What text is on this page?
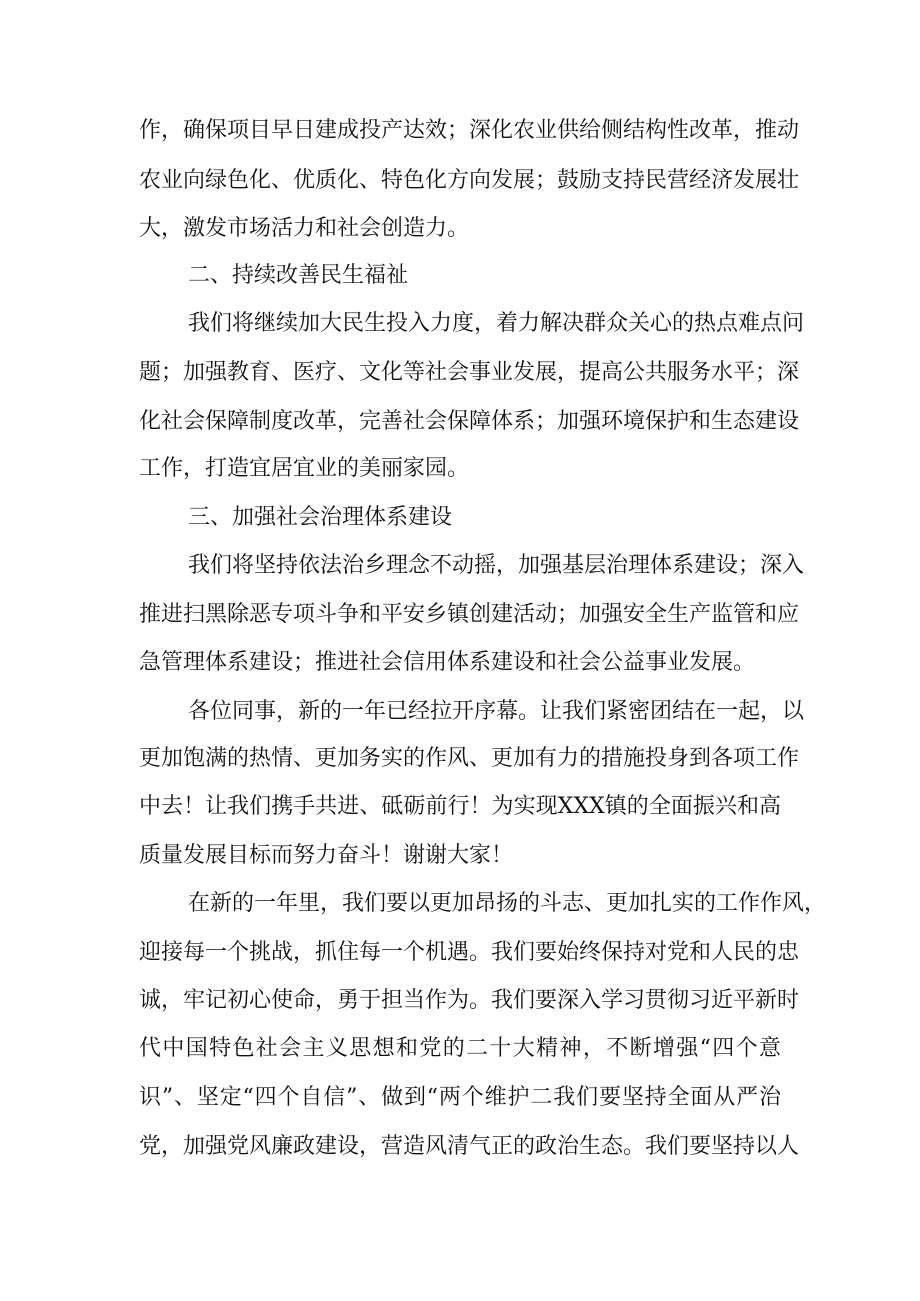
作，确保项目早日建成投产达效；深化农业供给侧结构性改革，推动
农业向绿色化、优质化、特色化方向发展；鼓励支持民营经济发展壮
大，激发市场活力和社会创造力。
二、持续改善民生福祉
我们将继续加大民生投入力度，着力解决群众关心的热点难点问
题；加强教育、医疗、文化等社会事业发展，提高公共服务水平；深
化社会保障制度改革，完善社会保障体系；加强环境保护和生态建设
工作，打造宜居宜业的美丽家园。
三、加强社会治理体系建设
我们将坚持依法治乡理念不动摇，加强基层治理体系建设；深入
推进扫黑除恶专项斗争和平安乡镇创建活动；加强安全生产监管和应
急管理体系建设；推进社会信用体系建设和社会公益事业发展。
各位同事，新的一年已经拉开序幕。让我们紧密团结在一起，以
更加饱满的热情、更加务实的作风、更加有力的措施投身到各项工作
中去！让我们携手共进、砥砺前行！为实现XXX镇的全面振兴和高
质量发展目标而努力奋斗！谢谢大家！
在新的一年里，我们要以更加昂扬的斗志、更加扎实的工作作风，
迎接每一个挑战，抓住每一个机遇。我们要始终保持对党和人民的忠
诚，牢记初心使命，勇于担当作为。我们要深入学习贯彻习近平新时
代中国特色社会主义思想和党的二十大精神，不断增强“四个意
识”、坚定“四个自信”、做到“两个维护二我们要坚持全面从严治
党，加强党风廉政建设，营造风清气正的政治生态。我们要坚持以人
